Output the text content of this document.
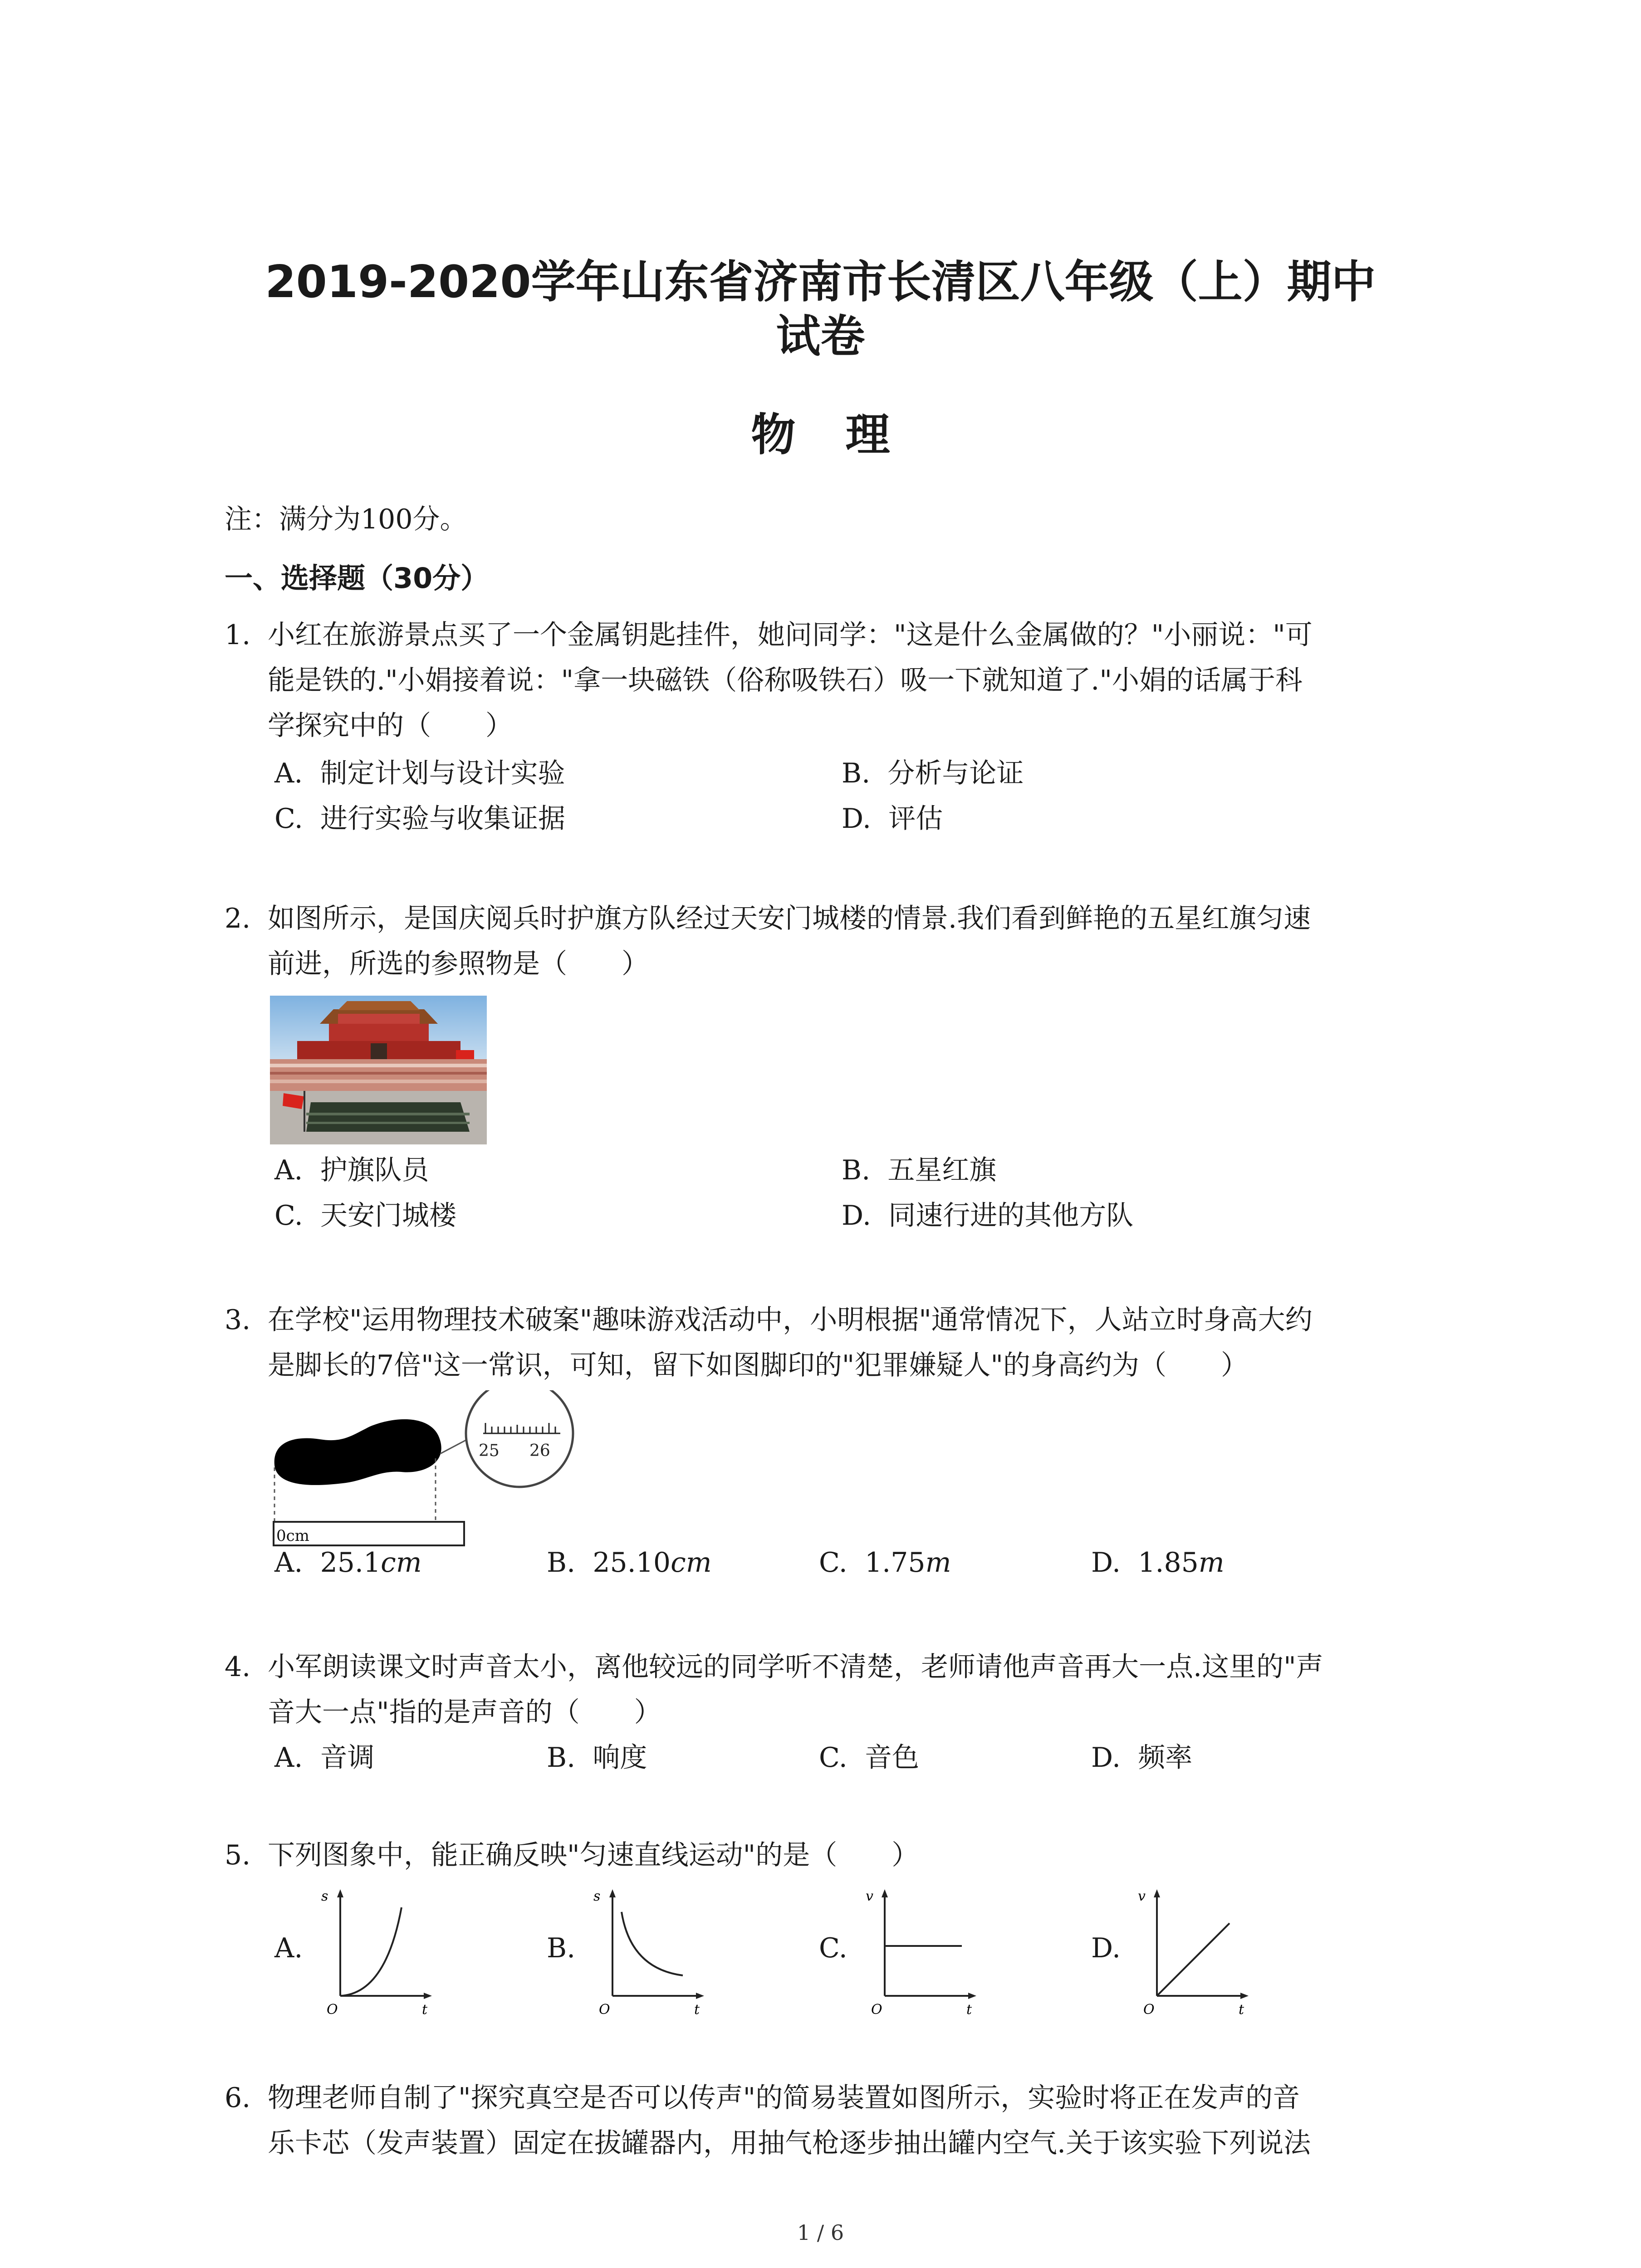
2019-2020学年山东省济南市长清区八年级（上）期中
试卷
物理
注：满分为100分。
一、选择题（30分）
1. 小红在旅游景点买了一个金属钥匙挂件，她问同学："这是什么金属做的？"小丽说："可
能是铁的."小娟接着说："拿一块磁铁（俗称吸铁石）吸一下就知道了."小娟的话属于科
学探究中的（　　）
A. 制定计划与设计实验	B. 分析与论证
C. 进行实验与收集证据	D. 评估
2. 如图所示，是国庆阅兵时护旗方队经过天安门城楼的情景.我们看到鲜艳的五星红旗匀速
前进，所选的参照物是（　　）
A. 护旗队员	B. 五星红旗
C. 天安门城楼	D. 同速行进的其他方队
3. 在学校"运用物理技术破案"趣味游戏活动中，小明根据"通常情况下，人站立时身高大约
是脚长的7倍"这一常识，可知，留下如图脚印的"犯罪嫌疑人"的身高约为（　　）
0cm
25 26
A. 25.1cm	B. 25.10cm	C. 1.75m	D. 1.85m
4. 小军朗读课文时声音太小，离他较远的同学听不清楚，老师请他声音再大一点.这里的"声
音大一点"指的是声音的（　　）
A. 音调	B. 响度	C. 音色	D. 频率
5. 下列图象中，能正确反映"匀速直线运动"的是（　　）
A.
s
t
O
B.
s
t
O
C.
v
t
O
D.
v
t
O
6. 物理老师自制了"探究真空是否可以传声"的简易装置如图所示，实验时将正在发声的音
乐卡芯（发声装置）固定在拔罐器内，用抽气枪逐步抽出罐内空气.关于该实验下列说法
1 / 6
